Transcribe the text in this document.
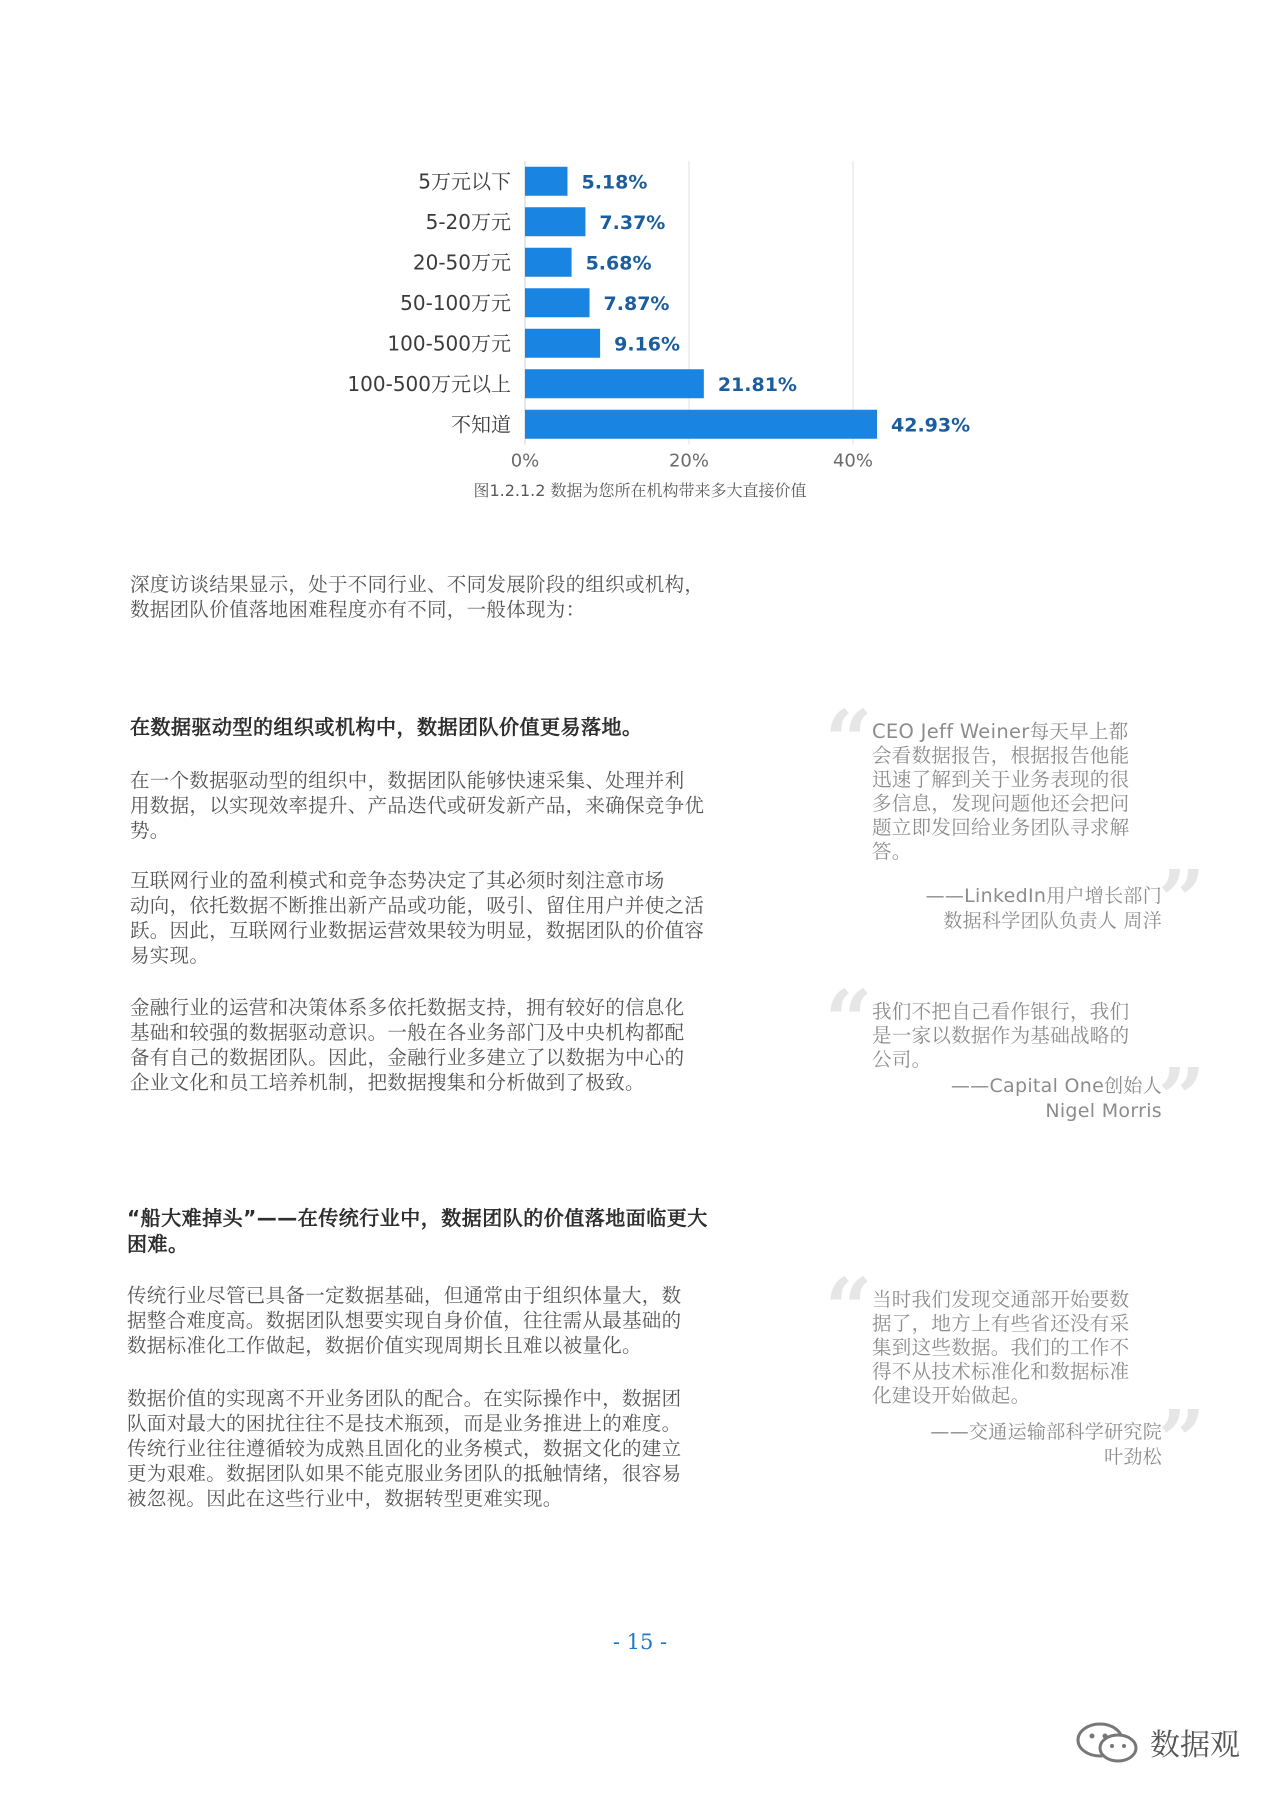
0%	20%	40%
5万元以下	5.18%
5-20万元	7.37%
20-50万元	5.68%
50-100万元	7.87%
100-500万元	9.16%
100-500万元以上	21.81%
不知道	42.93%
图1.2.1.2 数据为您所在机构带来多大直接价值

深度访谈结果显示，处于不同行业、不同发展阶段的组织或机构，
数据团队价值落地困难程度亦有不同，一般体现为：

在数据驱动型的组织或机构中，数据团队价值更易落地。

在一个数据驱动型的组织中，数据团队能够快速采集、处理并利
用数据，以实现效率提升、产品迭代或研发新产品，来确保竞争优
势。

互联网行业的盈利模式和竞争态势决定了其必须时刻注意市场
动向，依托数据不断推出新产品或功能，吸引、留住用户并使之活
跃。因此，互联网行业数据运营效果较为明显，数据团队的价值容
易实现。

金融行业的运营和决策体系多依托数据支持，拥有较好的信息化
基础和较强的数据驱动意识。一般在各业务部门及中央机构都配
备有自己的数据团队。因此，金融行业多建立了以数据为中心的
企业文化和员工培养机制，把数据搜集和分析做到了极致。

“船大难掉头”——在传统行业中，数据团队的价值落地面临更大
困难。

传统行业尽管已具备一定数据基础，但通常由于组织体量大，数
据整合难度高。数据团队想要实现自身价值，往往需从最基础的
数据标准化工作做起，数据价值实现周期长且难以被量化。

数据价值的实现离不开业务团队的配合。在实际操作中，数据团
队面对最大的困扰往往不是技术瓶颈，而是业务推进上的难度。
传统行业往往遵循较为成熟且固化的业务模式，数据文化的建立
更为艰难。数据团队如果不能克服业务团队的抵触情绪，很容易
被忽视。因此在这些行业中，数据转型更难实现。

“ CEO Jeff Weiner每天早上都
会看数据报告，根据报告他能
迅速了解到关于业务表现的很
多信息，发现问题他还会把问
题立即发回给业务团队寻求解
答。

”

——LinkedIn用户增长部门
数据科学团队负责人 周洋

“ 我们不把自己看作银行，我们
是一家以数据作为基础战略的
公司。	”

——Capital One创始人
Nigel Morris

“ 当时我们发现交通部开始要数
据了，地方上有些省还没有采
集到这些数据。我们的工作不
得不从技术标准化和数据标准
化建设开始做起。	”

——交通运输部科学研究院
叶劲松

- 15 -
数据观
